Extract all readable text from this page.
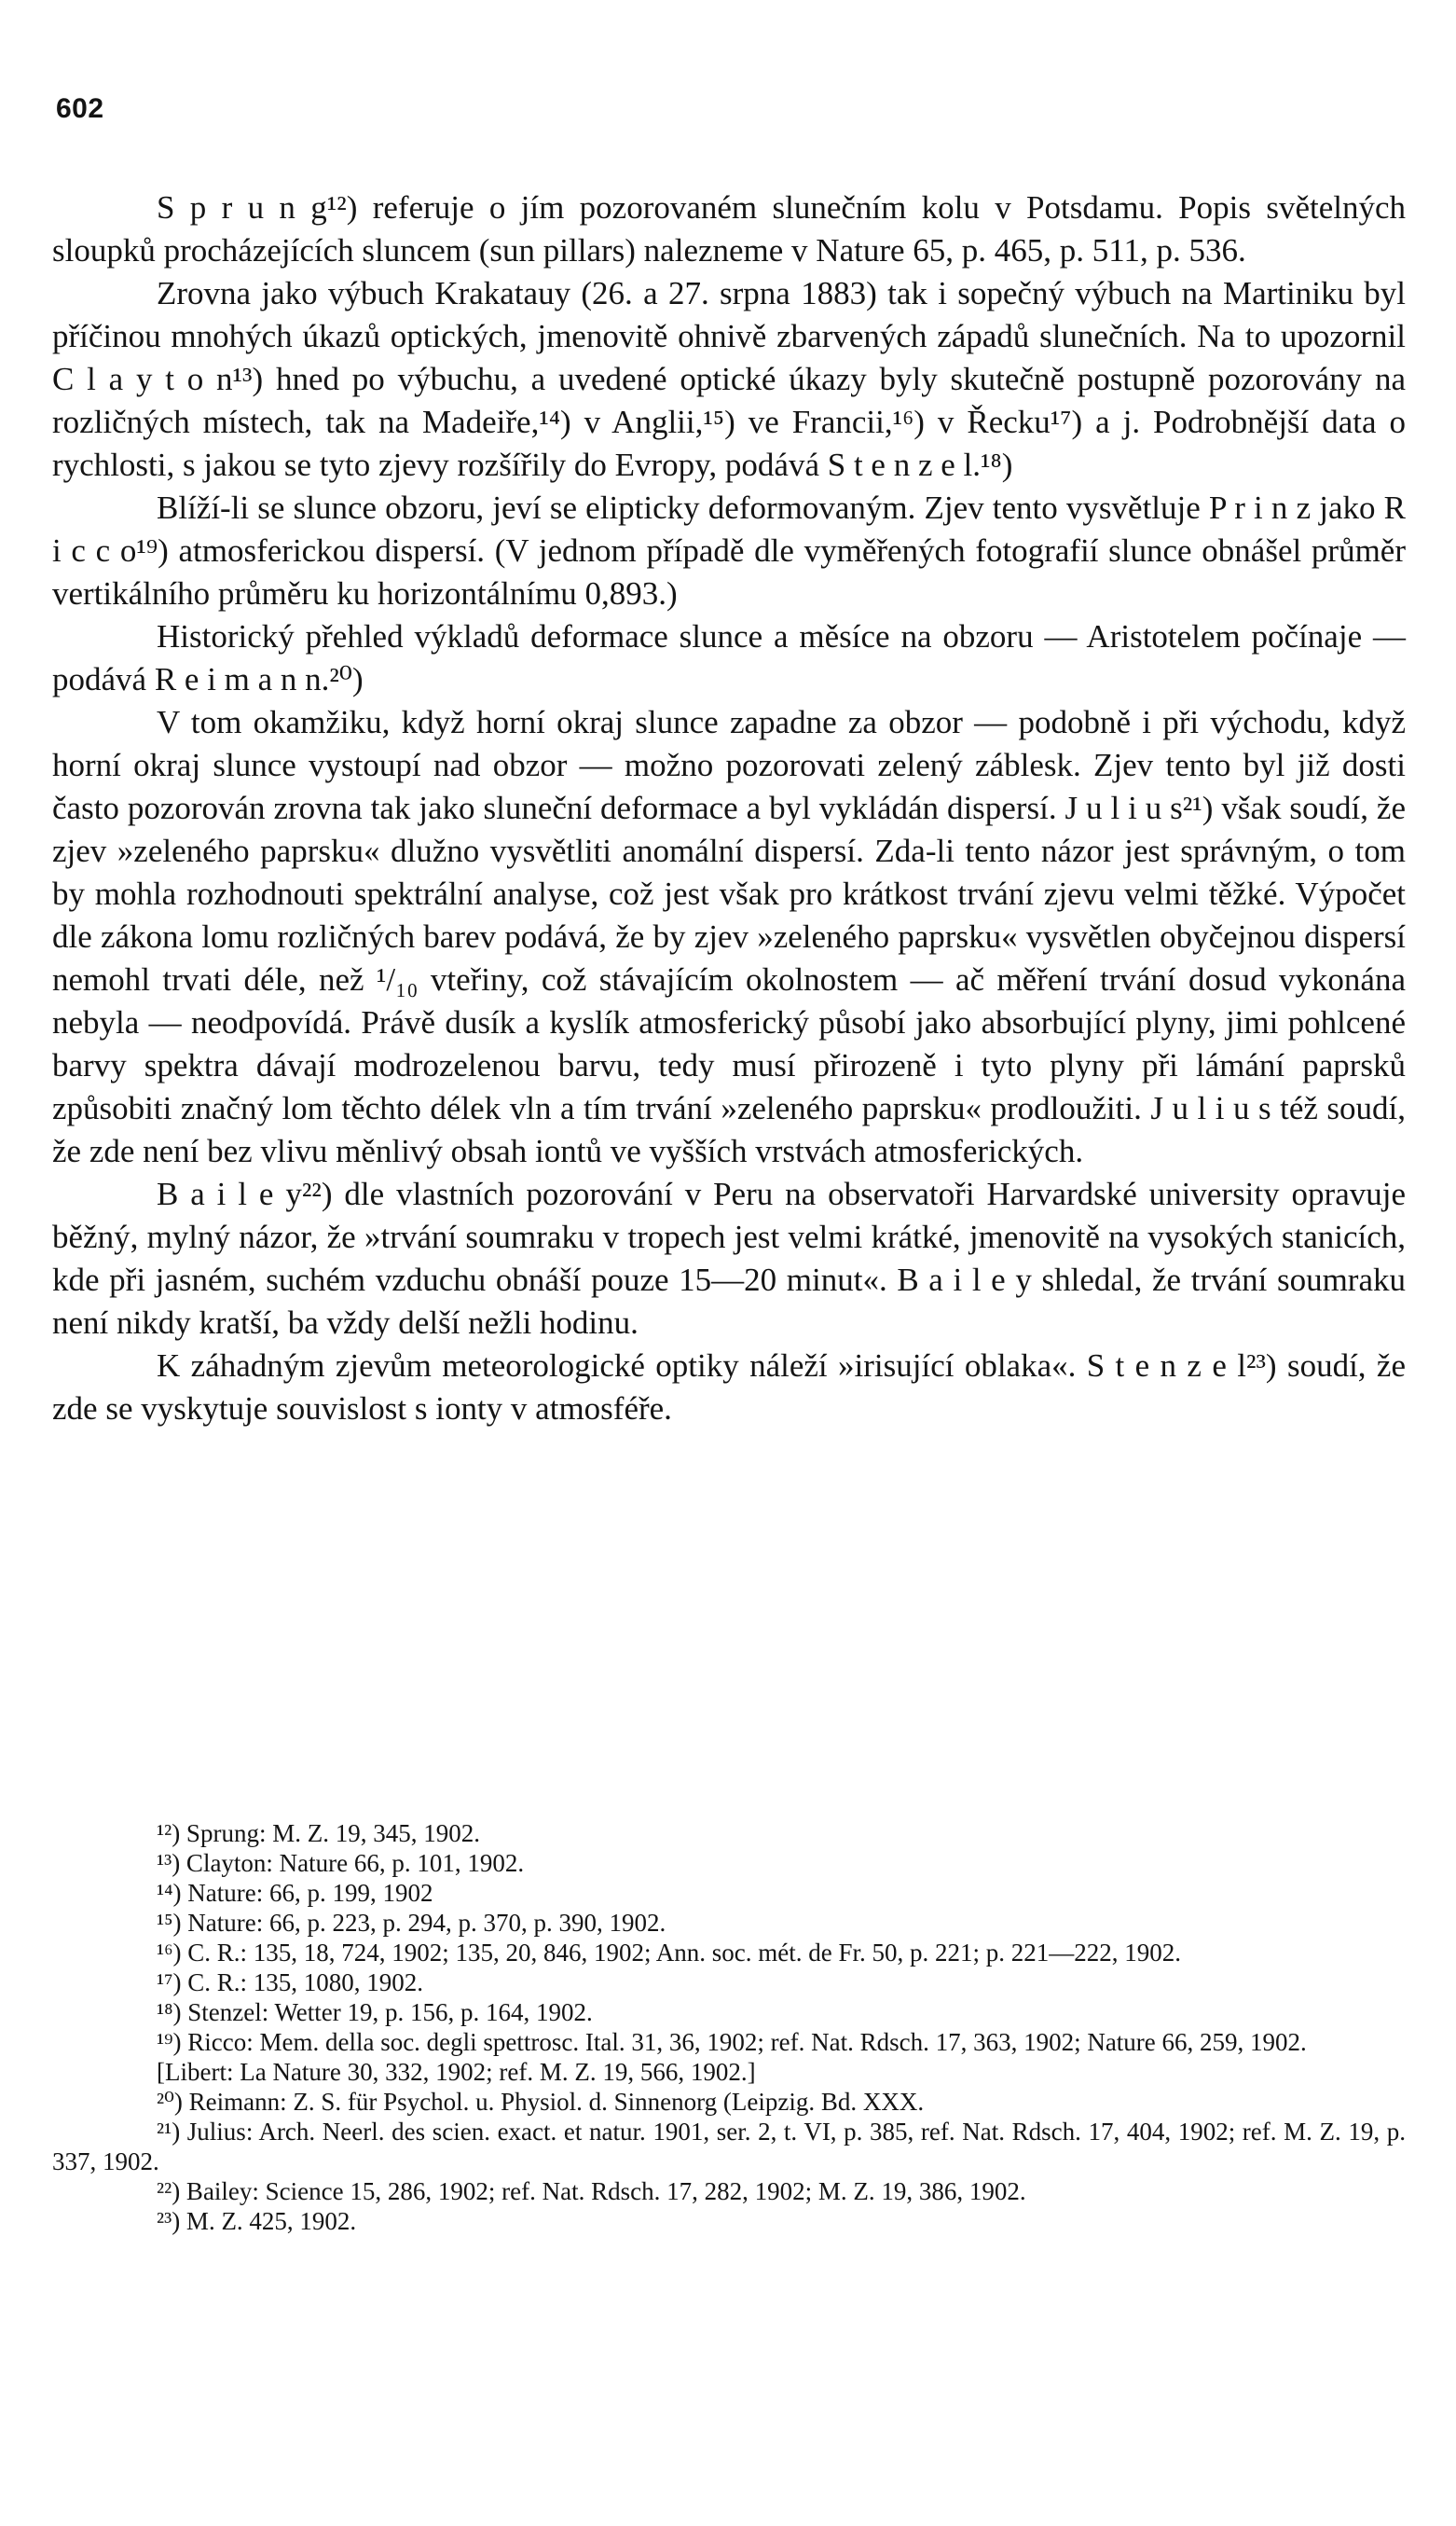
602

S p r u n g¹²) referuje o jím pozorovaném slunečním kolu v Potsdamu. Popis světelných sloupků procházejících sluncem (sun pillars) nalezneme v Nature 65, p. 465, p. 511, p. 536.

Zrovna jako výbuch Krakatauy (26. a 27. srpna 1883) tak i sopečný výbuch na Martiniku byl příčinou mnohých úkazů optických, jmenovitě ohnivě zbarvených západů slunečních. Na to upozornil C l a y t o n¹³) hned po výbuchu, a uvedené optické úkazy byly skutečně postupně pozorovány na rozličných místech, tak na Madeiře,¹⁴) v Anglii,¹⁵) ve Francii,¹⁶) v Řecku¹⁷) a j. Podrobnější data o rychlosti, s jakou se tyto zjevy rozšířily do Evropy, podává S t e n z e l.¹⁸)

Blíží-li se slunce obzoru, jeví se elipticky deformovaným. Zjev tento vysvětluje P r i n z jako R i c c o¹⁹) atmosferickou dispersí. (V jednom případě dle vyměřených fotografií slunce obnášel průměr vertikálního průměru ku horizontálnímu 0,893.)

Historický přehled výkladů deformace slunce a měsíce na obzoru — Aristotelem počínaje — podává R e i m a n n.²⁰)

V tom okamžiku, když horní okraj slunce zapadne za obzor — podobně i při východu, když horní okraj slunce vystoupí nad obzor — možno pozorovati zelený záblesk. Zjev tento byl již dosti často pozorován zrovna tak jako sluneční deformace a byl vykládán dispersí. J u l i u s²¹) však soudí, že zjev »zeleného paprsku« dlužno vysvětliti anomální dispersí. Zda-li tento názor jest správným, o tom by mohla rozhodnouti spektrální analyse, což jest však pro krátkost trvání zjevu velmi těžké. Výpočet dle zákona lomu rozličných barev podává, že by zjev »zeleného paprsku« vysvětlen obyčejnou dispersí nemohl trvati déle, než ¹/₁₀ vteřiny, což stávajícím okolnostem — ač měření trvání dosud vykonána nebyla — neodpovídá. Právě dusík a kyslík atmosferický působí jako absorbující plyny, jimi pohlcené barvy spektra dávají modrozelenou barvu, tedy musí přirozeně i tyto plyny při lámání paprsků způsobiti značný lom těchto délek vln a tím trvání »zeleného paprsku« prodloužiti. J u l i u s též soudí, že zde není bez vlivu měnlivý obsah iontů ve vyšších vrstvách atmosferických.

B a i l e y²²) dle vlastních pozorování v Peru na observatoři Harvardské university opravuje běžný, mylný názor, že »trvání soumraku v tropech jest velmi krátké, jmenovitě na vysokých stanicích, kde při jasném, suchém vzduchu obnáší pouze 15—20 minut«. B a i l e y shledal, že trvání soumraku není nikdy kratší, ba vždy delší nežli hodinu.

K záhadným zjevům meteorologické optiky náleží »irisující oblaka«. S t e n z e l²³) soudí, že zde se vyskytuje souvislost s ionty v atmosféře.

¹²) Sprung: M. Z. 19, 345, 1902.

¹³) Clayton: Nature 66, p. 101, 1902.

¹⁴) Nature: 66, p. 199, 1902

¹⁵) Nature: 66, p. 223, p. 294, p. 370, p. 390, 1902.

¹⁶) C. R.: 135, 18, 724, 1902; 135, 20, 846, 1902; Ann. soc. mét. de Fr. 50, p. 221; p. 221—222, 1902.

¹⁷) C. R.: 135, 1080, 1902.

¹⁸) Stenzel: Wetter 19, p. 156, p. 164, 1902.

¹⁹) Ricco: Mem. della soc. degli spettrosc. Ital. 31, 36, 1902; ref. Nat. Rdsch. 17, 363, 1902; Nature 66, 259, 1902.

[Libert: La Nature 30, 332, 1902; ref. M. Z. 19, 566, 1902.]

²⁰) Reimann: Z. S. für Psychol. u. Physiol. d. Sinnenorg (Leipzig. Bd. XXX.

²¹) Julius: Arch. Neerl. des scien. exact. et natur. 1901, ser. 2, t. VI, p. 385, ref. Nat. Rdsch. 17, 404, 1902; ref. M. Z. 19, p. 337, 1902.

²²) Bailey: Science 15, 286, 1902; ref. Nat. Rdsch. 17, 282, 1902; M. Z. 19, 386, 1902.

²³) M. Z. 425, 1902.
